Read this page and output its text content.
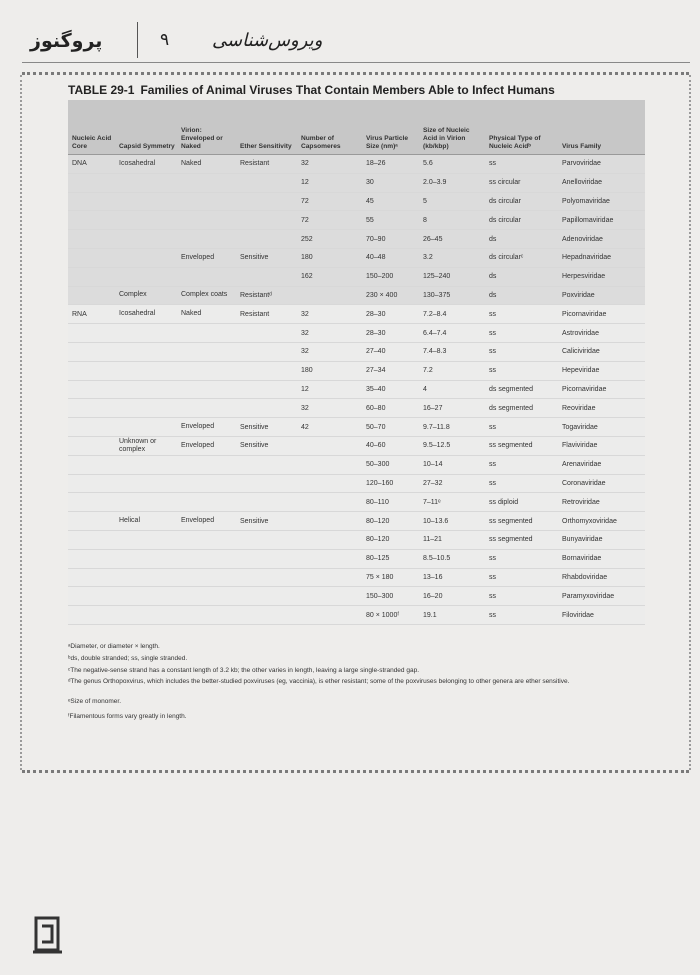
پروگنوز	۹ ویروس‌شناسی
TABLE 29-1 Families of Animal Viruses That Contain Members Able to Infect Humans
Nucleic Acid Core	Capsid Symmetry	Virion: Enveloped or Naked	Ether Sensitivity	Number of Capsomeres	Virus Particle Size (nm)ᵃ	Size of Nucleic Acid in Virion (kb/kbp)	Physical Type of Nucleic Acidᵇ	Virus Family
DNA	Icosahedral	Naked	Resistant	32	18–26	5.6	ss	Parvoviridae
				12	30	2.0–3.9	ss circular	Anelloviridae
				72	45	5	ds circular	Polyomaviridae
				72	55	8	ds circular	Papillomaviridae
				252	70–90	26–45	ds	Adenoviridae
		Enveloped	Sensitive	180	40–48	3.2	ds circularᶜ	Hepadnaviridae
				162	150–200	125–240	ds	Herpesviridae
	Complex	Complex coats	Resistantᵈ		230 × 400	130–375	ds	Poxviridae
RNA	Icosahedral	Naked	Resistant	32	28–30	7.2–8.4	ss	Picornaviridae
				32	28–30	6.4–7.4	ss	Astroviridae
				32	27–40	7.4–8.3	ss	Caliciviridae
				180	27–34	7.2	ss	Hepeviridae
				12	35–40	4	ds segmented	Picornaviridae
				32	60–80	16–27	ds segmented	Reoviridae
		Enveloped	Sensitive	42	50–70	9.7–11.8	ss	Togaviridae
	Unknown or complex	Enveloped	Sensitive		40–60	9.5–12.5	ss segmented	Flaviviridae
					50–300	10–14	ss	Arenaviridae
					120–160	27–32	ss	Coronaviridae
					80–110	7–11ᵉ	ss diploid	Retroviridae
	Helical	Enveloped	Sensitive		80–120	10–13.6	ss segmented	Orthomyxoviridae
					80–120	11–21	ss segmented	Bunyaviridae
					80–125	8.5–10.5	ss	Bornaviridae
					75 × 180	13–16	ss	Rhabdoviridae
					150–300	16–20	ss	Paramyxoviridae
					80 × 1000ᶠ	19.1	ss	Filoviridae
ᵃDiameter, or diameter × length.
ᵇds, double stranded; ss, single stranded.
ᶜThe negative-sense strand has a constant length of 3.2 kb; the other varies in length, leaving a large single-stranded gap.
ᵈThe genus Orthopoxvirus, which includes the better-studied poxviruses (eg, vaccinia), is ether resistant; some of the poxviruses belonging to other genera are ether sensitive.
ᵉSize of monomer.
ᶠFilamentous forms vary greatly in length.
